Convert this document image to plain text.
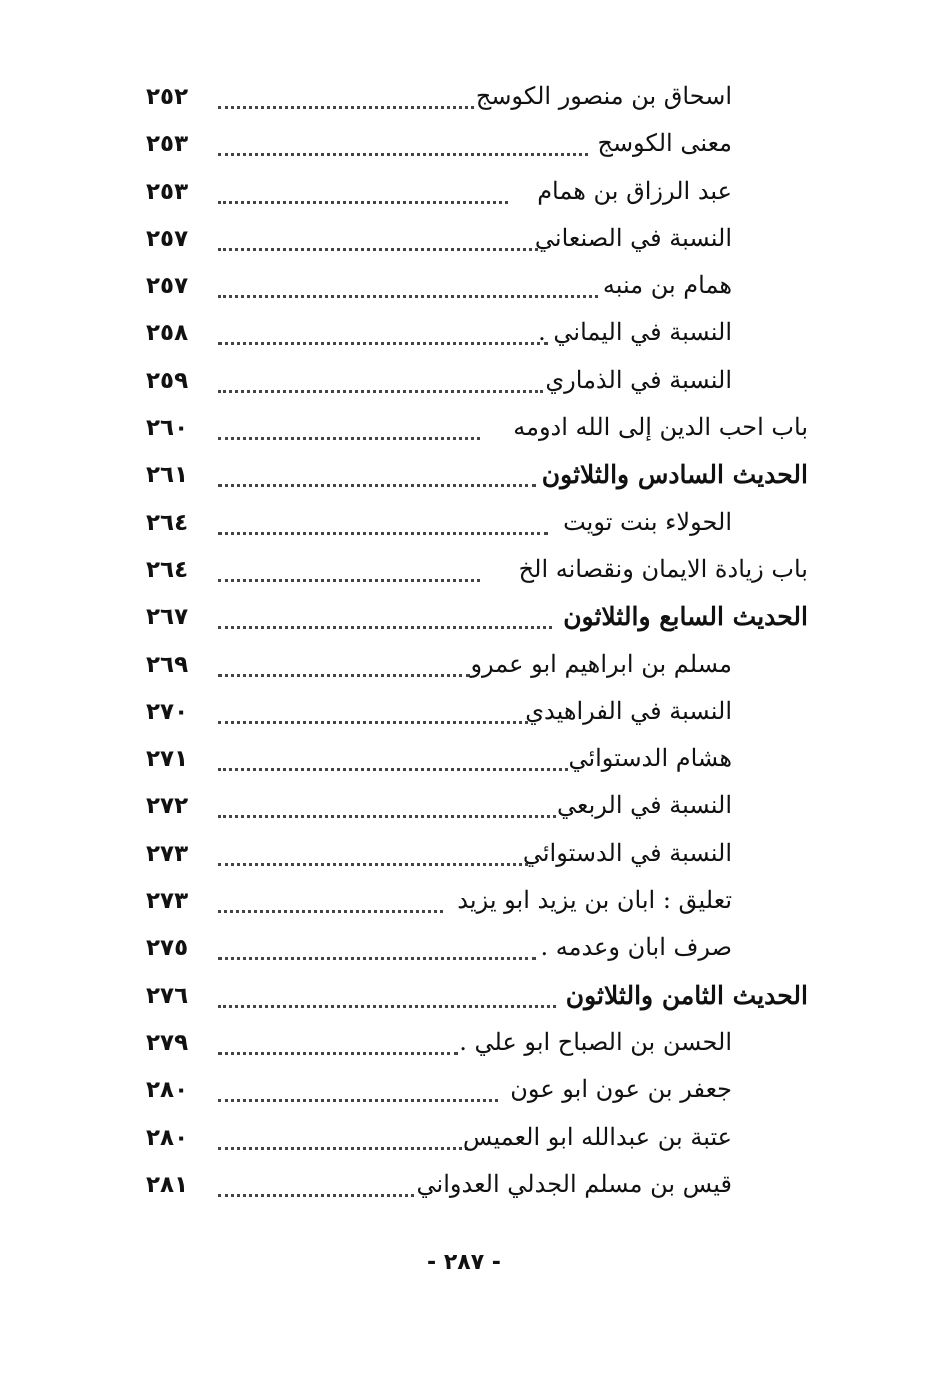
٢٥٢	اسحاق بن منصور الكوسج
٢٥٣	معنى الكوسج
٢٥٣	عبد الرزاق بن همام
٢٥٧	النسبة في الصنعاني
٢٥٧	همام بن منبه
٢٥٨	النسبة في اليماني .
٢٥٩	النسبة في الذماري
٢٦٠	باب احب الدين إلى الله ادومه
٢٦١	الحديث السادس والثلاثون
٢٦٤	الحولاء بنت تويت
٢٦٤	باب زيادة الايمان ونقصانه الخ
٢٦٧	الحديث السابع والثلاثون
٢٦٩	مسلم بن ابراهيم ابو عمرو
٢٧٠	النسبة في الفراهيدي
٢٧١	هشام الدستوائي
٢٧٢	النسبة في الربعي
٢٧٣	النسبة في الدستوائي
٢٧٣	تعليق : ابان بن يزيد ابو يزيد
٢٧٥	صرف ابان وعدمه .
٢٧٦	الحديث الثامن والثلاثون
٢٧٩	الحسن بن الصباح ابو علي .
٢٨٠	جعفر بن عون ابو عون
٢٨٠	عتبة بن عبدالله ابو العميس
٢٨١	قيس بن مسلم الجدلي العدواني
- ٢٨٧ -
